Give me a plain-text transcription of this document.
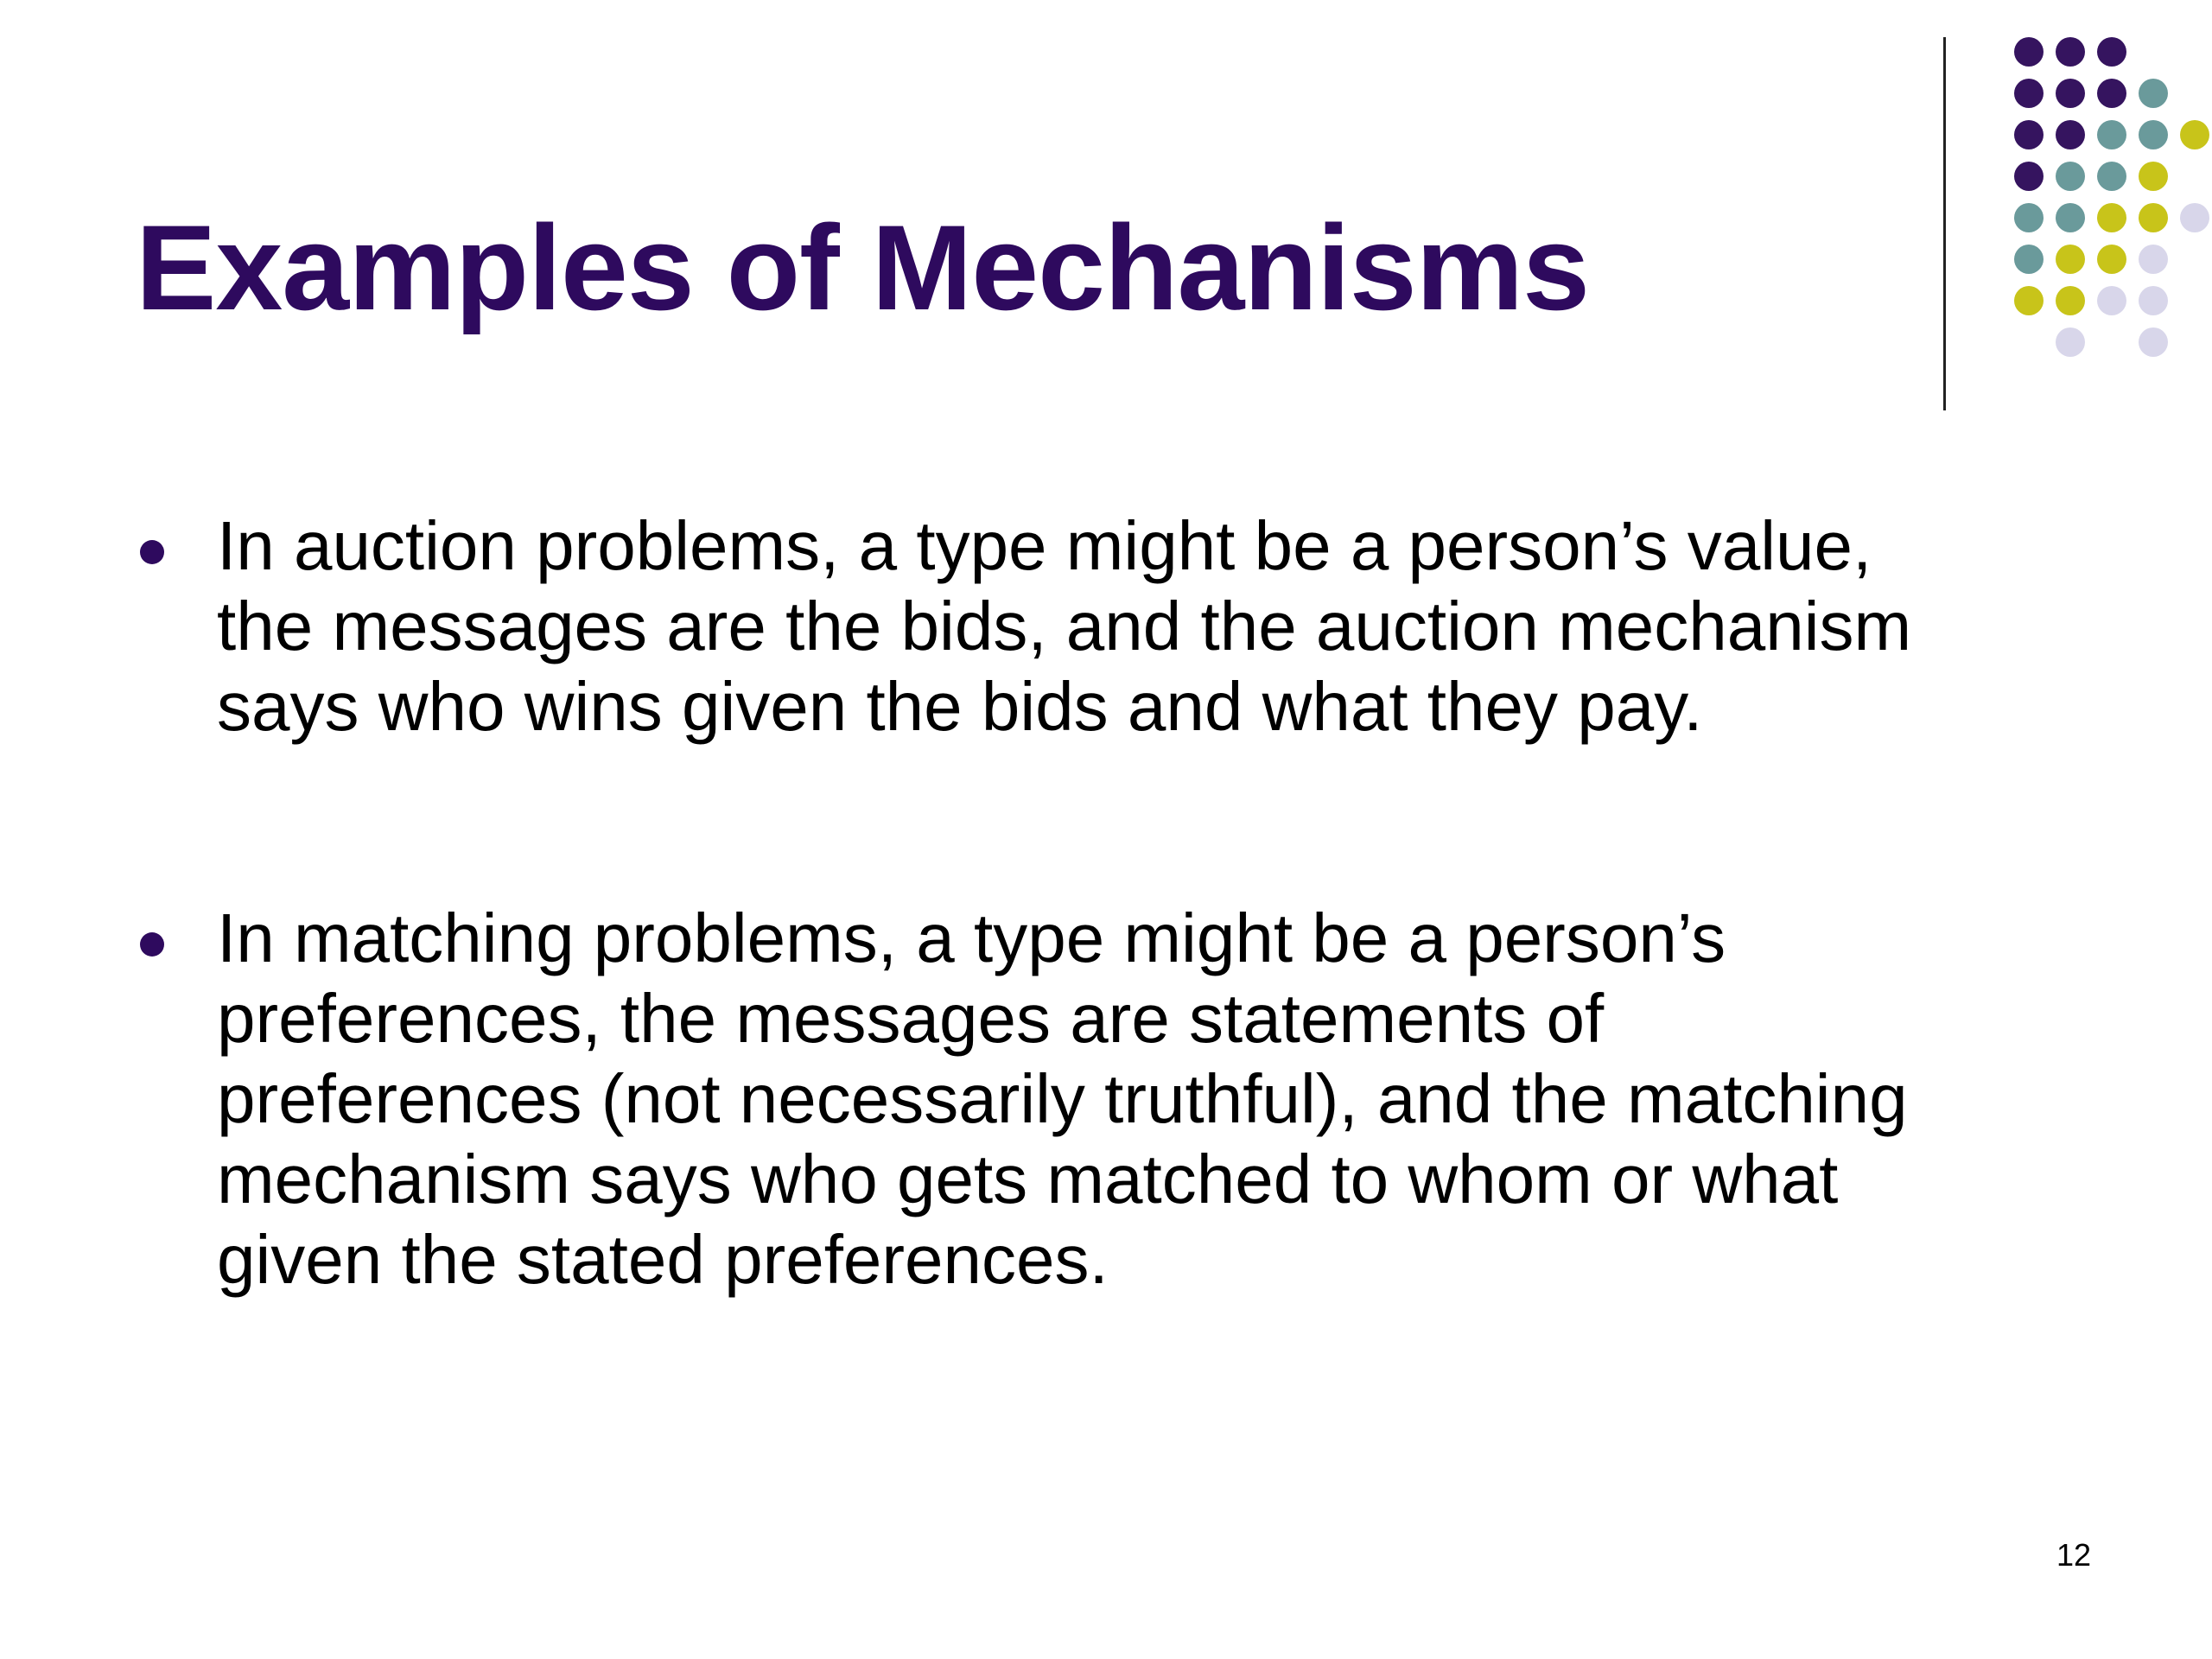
Examples of Mechanisms
In auction problems, a type might be a person’s value,
the messages are the bids, and the auction mechanism
says who wins given the bids and what they pay.
In matching problems, a type might be a person’s
preferences, the messages are statements of
preferences (not necessarily truthful), and the matching
mechanism says who gets matched to whom or what
given the stated preferences.
12
